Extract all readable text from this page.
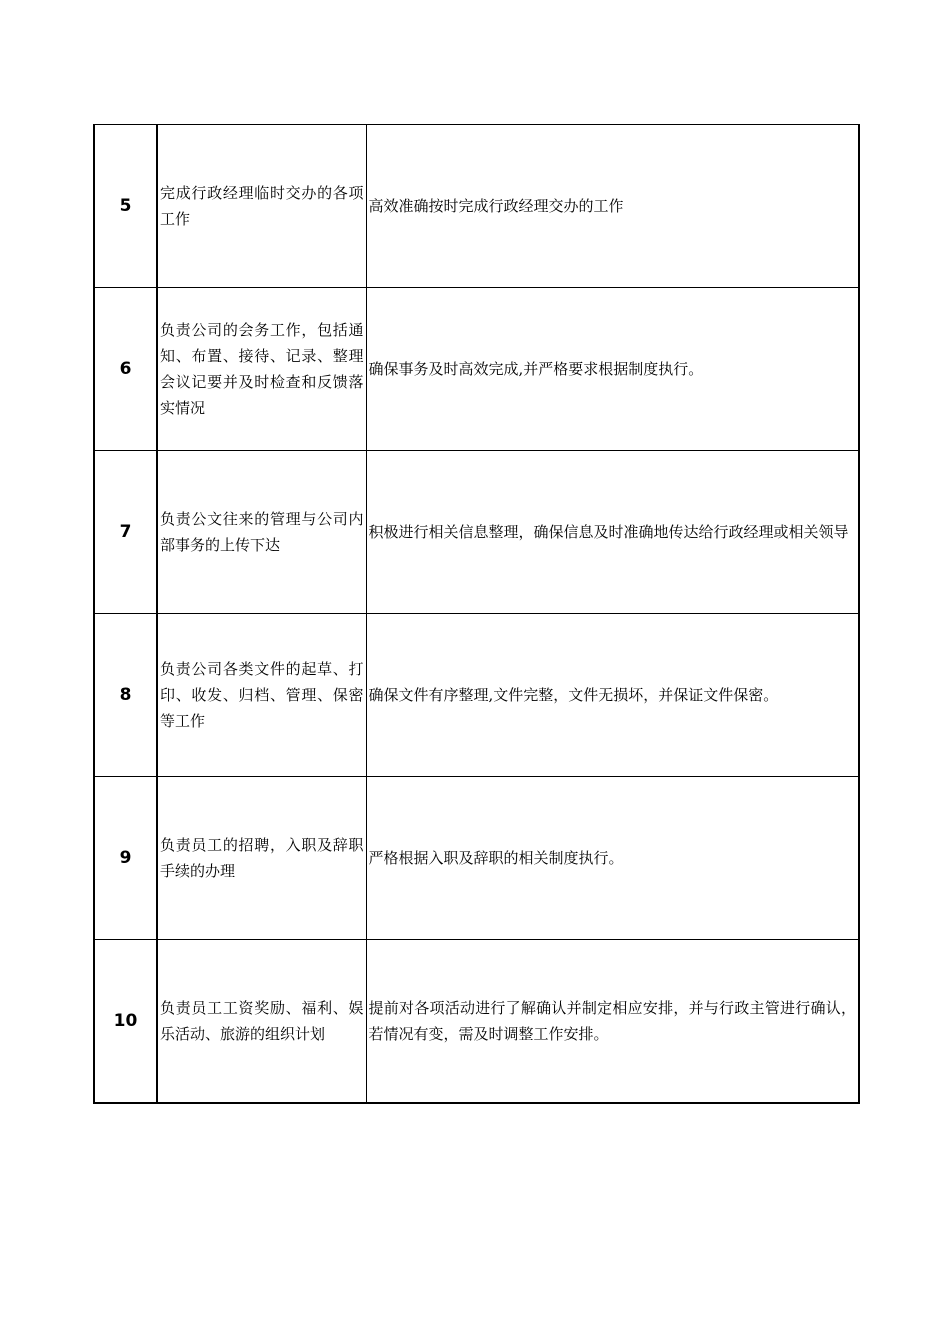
5	完成行政经理临时交办的各项工作	高效准确按时完成行政经理交办的工作
6	负责公司的会务工作，包括通知、布置、接待、记录、整理会议记要并及时检查和反馈落实情况	确保事务及时高效完成,并严格要求根据制度执行。
7	负责公文往来的管理与公司内部事务的上传下达	积极进行相关信息整理，确保信息及时准确地传达给行政经理或相关领导
8	负责公司各类文件的起草、打印、收发、归档、管理、保密等工作	确保文件有序整理,文件完整，文件无损坏，并保证文件保密。
9	负责员工的招聘，入职及辞职手续的办理	严格根据入职及辞职的相关制度执行。
10	负责员工工资奖励、福利、娱乐活动、旅游的组织计划	提前对各项活动进行了解确认并制定相应安排，并与行政主管进行确认，若情况有变，需及时调整工作安排。
